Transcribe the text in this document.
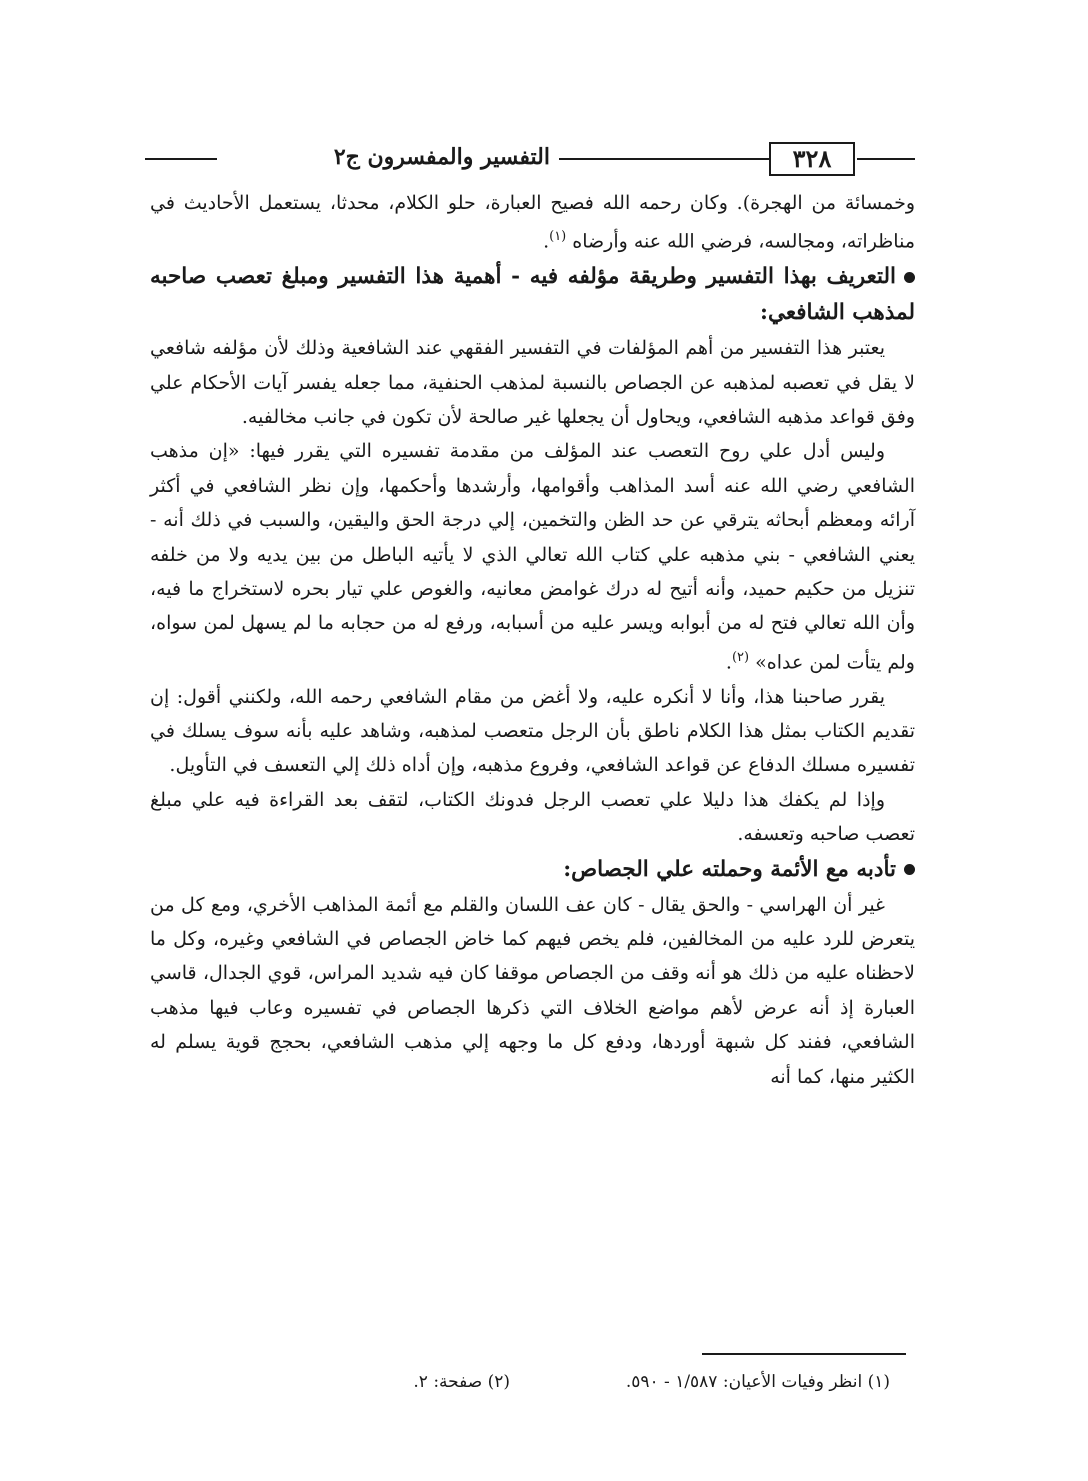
٣٢٨
التفسير والمفسرون ج٢

وخمسائة من الهجرة). وكان رحمه الله فصيح العبارة، حلو الكلام، محدثا، يستعمل الأحاديث في مناظراته، ومجالسه، فرضي الله عنه وأرضاه $^{(١)}$.

التعريف بهذا التفسير وطريقة مؤلفه فيه - أهمية هذا التفسير ومبلغ تعصب صاحبه لمذهب الشافعي:

يعتبر هذا التفسير من أهم المؤلفات في التفسير الفقهي عند الشافعية وذلك لأن مؤلفه شافعي لا يقل في تعصبه لمذهبه عن الجصاص بالنسبة لمذهب الحنفية، مما جعله يفسر آيات الأحكام علي وفق قواعد مذهبه الشافعي، ويحاول أن يجعلها غير صالحة لأن تكون في جانب مخالفيه.

وليس أدل علي روح التعصب عند المؤلف من مقدمة تفسيره التي يقرر فيها: «إن مذهب الشافعي رضي الله عنه أسد المذاهب وأقوامها، وأرشدها وأحكمها، وإن نظر الشافعي في أكثر آرائه ومعظم أبحاثه يترقي عن حد الظن والتخمين، إلي درجة الحق واليقين، والسبب في ذلك أنه - يعني الشافعي - بني مذهبه علي كتاب الله تعالي الذي لا يأتيه الباطل من بين يديه ولا من خلفه تنزيل من حكيم حميد، وأنه أتيح له درك غوامض معانيه، والغوص علي تيار بحره لاستخراج ما فيه، وأن الله تعالي فتح له من أبوابه ويسر عليه من أسبابه، ورفع له من حجابه ما لم يسهل لمن سواه، ولم يتأت لمن عداه» $^{(٢)}$.

يقرر صاحبنا هذا، وأنا لا أنكره عليه، ولا أغض من مقام الشافعي رحمه الله، ولكنني أقول: إن تقديم الكتاب بمثل هذا الكلام ناطق بأن الرجل متعصب لمذهبه، وشاهد عليه بأنه سوف يسلك في تفسيره مسلك الدفاع عن قواعد الشافعي، وفروع مذهبه، وإن أداه ذلك إلي التعسف في التأويل.

وإذا لم يكفك هذا دليلا علي تعصب الرجل فدونك الكتاب، لتقف بعد القراءة فيه علي مبلغ تعصب صاحبه وتعسفه.

تأدبه مع الأئمة وحملته علي الجصاص:

غير أن الهراسي - والحق يقال - كان عف اللسان والقلم مع أئمة المذاهب الأخري، ومع كل من يتعرض للرد عليه من المخالفين، فلم يخص فيهم كما خاض الجصاص في الشافعي وغيره، وكل ما لاحظناه عليه من ذلك هو أنه وقف من الجصاص موقفا كان فيه شديد المراس، قوي الجدال، قاسي العبارة إذ أنه عرض لأهم مواضع الخلاف التي ذكرها الجصاص في تفسيره وعاب فيها مذهب الشافعي، ففند كل شبهة أوردها، ودفع كل ما وجهه إلي مذهب الشافعي، بحجج قوية يسلم له الكثير منها، كما أنه

(١) انظر وفيات الأعيان: ١/٥٨٧ - ٥٩٠.
(٢) صفحة: ٢.
